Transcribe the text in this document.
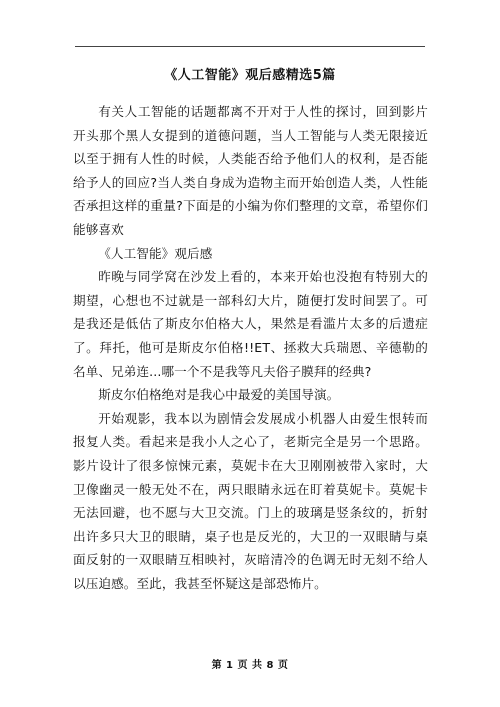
《人工智能》观后感精选5篇

有关人工智能的话题都离不开对于人性的探讨，回到影片开头那个黑人女提到的道德问题，当人工智能与人类无限接近以至于拥有人性的时候，人类能否给予他们人的权利，是否能给予人的回应?当人类自身成为造物主而开始创造人类，人性能否承担这样的重量?下面是的小编为你们整理的文章，希望你们能够喜欢

《人工智能》观后感

昨晚与同学窝在沙发上看的，本来开始也没抱有特别大的期望，心想也不过就是一部科幻大片，随便打发时间罢了。可是我还是低估了斯皮尔伯格大人，果然是看滥片太多的后遗症了。拜托，他可是斯皮尔伯格!!ET、拯救大兵瑞恩、辛德勒的名单、兄弟连...哪一个不是我等凡夫俗子膜拜的经典?

斯皮尔伯格绝对是我心中最爱的美国导演。

开始观影，我本以为剧情会发展成小机器人由爱生恨转而报复人类。看起来是我小人之心了，老斯完全是另一个思路。影片设计了很多惊悚元素，莫妮卡在大卫刚刚被带入家时，大卫像幽灵一般无处不在，两只眼睛永远在盯着莫妮卡。莫妮卡无法回避，也不愿与大卫交流。门上的玻璃是竖条纹的，折射出许多只大卫的眼睛，桌子也是反光的，大卫的一双眼睛与桌面反射的一双眼睛互相映衬，灰暗清冷的色调无时无刻不给人以压迫感。至此，我甚至怀疑这是部恐怖片。

第 1 页 共 8 页
